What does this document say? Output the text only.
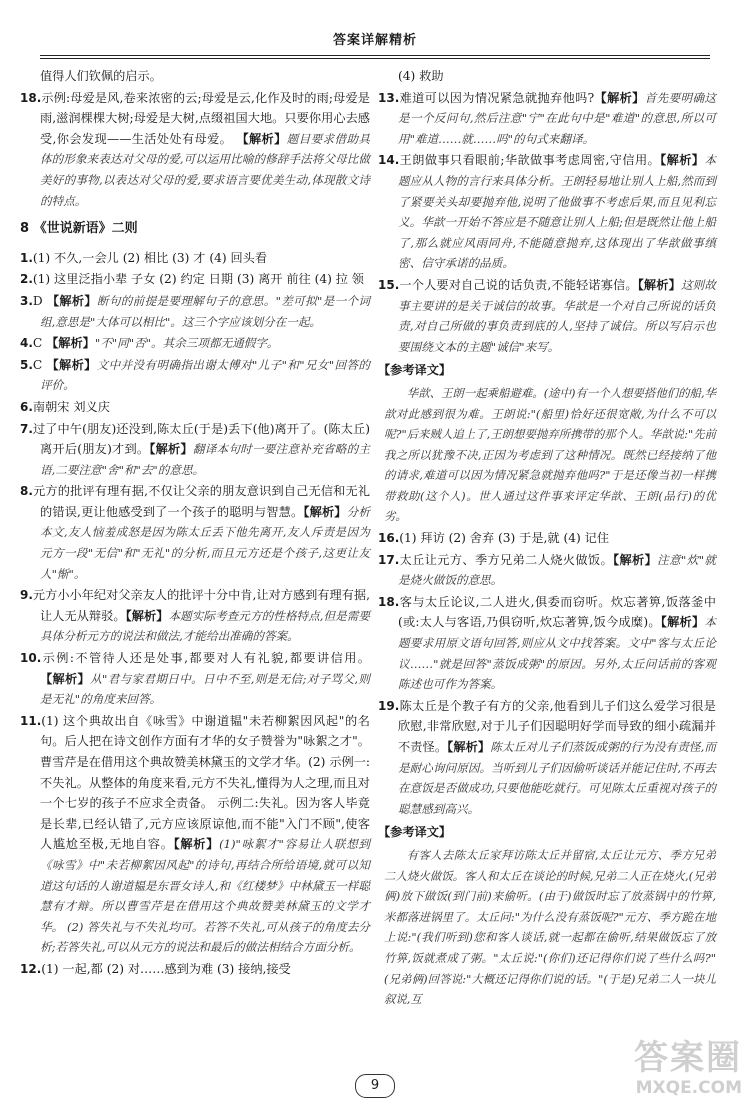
答案详解精析

值得人们钦佩的启示。

18.示例:母爱是风,卷来浓密的云;母爱是云,化作及时的雨;母爱是雨,滋润棵棵大树;母爱是大树,点缀祖国大地。只要你用心去感受,你会发现——生活处处有母爱。 【解析】题目要求借助具体的形象来表达对父母的爱,可以运用比喻的修辞手法将父母比做美好的事物,以表达对父母的爱,要求语言要优美生动,体现散文诗的特点。

8 《世说新语》二则

1.(1) 不久,一会儿 (2) 相比 (3) 才 (4) 回头看

2.(1) 这里泛指小辈 子女 (2) 约定 日期 (3) 离开 前往 (4) 拉 领

3.D 【解析】断句的前提是要理解句子的意思。"差可拟"是一个词组,意思是"大体可以相比"。这三个字应该划分在一起。

4.C 【解析】"不"同"否"。其余三项都无通假字。

5.C 【解析】文中并没有明确指出谢太傅对"儿子"和"兄女"回答的评价。

6.南朝宋 刘义庆

7.过了中午(朋友)还没到,陈太丘(于是)丢下(他)离开了。(陈太丘)离开后(朋友)才到。【解析】翻译本句时一要注意补充省略的主语,二要注意"舍"和"去"的意思。

8.元方的批评有理有据,不仅让父亲的朋友意识到自己无信和无礼的错误,更让他感受到了一个孩子的聪明与智慧。【解析】分析本文,友人恼羞成怒是因为陈太丘丢下他先离开,友人斥责是因为元方一段"无信"和"无礼"的分析,而且元方还是个孩子,这更让友人"惭"。

9.元方小小年纪对父亲友人的批评十分中肯,让对方感到有理有据,让人无从辩驳。【解析】本题实际考查元方的性格特点,但是需要具体分析元方的说法和做法,才能给出准确的答案。

10.示例:不管待人还是处事,都要对人有礼貌,都要讲信用。【解析】从"君与家君期日中。日中不至,则是无信;对子骂父,则是无礼"的角度来回答。

11.(1) 这个典故出自《咏雪》中谢道韫"未若柳絮因风起"的名句。后人把在诗文创作方面有才华的女子赞誉为"咏絮之才"。曹雪芹是在借用这个典故赞美林黛玉的文学才华。(2) 示例一:不失礼。从整体的角度来看,元方不失礼,懂得为人之理,而且对一个七岁的孩子不应求全责备。 示例二:失礼。因为客人毕竟是长辈,已经认错了,元方应该原谅他,而不能"入门不顾",使客人尴尬至极,无地自容。【解析】(1)"咏絮才"容易让人联想到《咏雪》中"未若柳絮因风起"的诗句,再结合所给语境,就可以知道这句话的人谢道韫是东晋女诗人,和《红楼梦》中林黛玉一样聪慧有才辩。所以曹雪芹是在借用这个典故赞美林黛玉的文学才华。 (2) 答失礼与不失礼均可。若答不失礼,可从孩子的角度去分析;若答失礼,可以从元方的说法和最后的做法相结合方面分析。

12.(1) 一起,都 (2) 对……感到为难 (3) 接纳,接受

(4) 救助

13.难道可以因为情况紧急就抛弃他吗?【解析】首先要明确这是一个反问句,然后注意"宁"在此句中是"难道"的意思,所以可用"难道……就……吗"的句式来翻译。

14.王朗做事只看眼前;华歆做事考虑周密,守信用。【解析】本题应从人物的言行来具体分析。王朗轻易地让别人上船,然而到了紧要关头却要抛弃他,说明了他做事不考虑后果,而且见利忘义。华歆一开始不答应是不随意让别人上船;但是既然让他上船了,那么就应风雨同舟,不能随意抛弃,这体现出了华歆做事缜密、信守承诺的品质。

15.一个人要对自己说的话负责,不能轻诺寡信。【解析】这则故事主要讲的是关于诚信的故事。华歆是一个对自己所说的话负责,对自己所做的事负责到底的人,坚持了诚信。所以写启示也要围绕文本的主题"诚信"来写。

【参考译文】

华歆、王朗一起乘船避难。(途中)有一个人想要搭他们的船,华歆对此感到很为难。王朗说:"(船里)恰好还很宽敞,为什么不可以呢?"后来贼人追上了,王朗想要抛弃所携带的那个人。华歆说:"先前我之所以犹豫不决,正因为考虑到了这种情况。既然已经接纳了他的请求,难道可以因为情况紧急就抛弃他吗?"于是还像当初一样携带救助(这个人)。世人通过这件事来评定华歆、王朗(品行)的优劣。

16.(1) 拜访 (2) 舍弃 (3) 于是,就 (4) 记住

17.太丘让元方、季方兄弟二人烧火做饭。【解析】注意"炊"就是烧火做饭的意思。

18.客与太丘论议,二人进火,俱委而窃听。炊忘著箅,饭落釜中(或:太人与客语,乃俱窃听,炊忘著箅,饭今成糜)。【解析】本题要求用原文语句回答,则应从文中找答案。文中"客与太丘论议……"就是回答"蒸饭成粥"的原因。另外,太丘问话前的客观陈述也可作为答案。

19.陈太丘是个教子有方的父亲,他看到儿子们这么爱学习很是欣慰,非常欣慰,对于儿子们因聪明好学而导致的细小疏漏并不责怪。【解析】陈太丘对儿子们蒸饭成粥的行为没有责怪,而是耐心询问原因。当听到儿子们因偷听谈话并能记住时,不再去在意饭是否做成功,只要他能吃就行。可见陈太丘重视对孩子的聪慧感到高兴。

【参考译文】

有客人去陈太丘家拜访陈太丘并留宿,太丘让元方、季方兄弟二人烧火做饭。客人和太丘在谈论的时候,兄弟二人正在烧火,(兄弟俩)放下做饭(到门前)来偷听。(由于)做饭时忘了放蒸锅中的竹箅,米都落进锅里了。太丘问:"为什么没有蒸饭呢?"元方、季方跪在地上说:"(我们听到)您和客人谈话,就一起都在偷听,结果做饭忘了放竹箅,饭就煮成了粥。"太丘说:"(你们)还记得你们说了些什么吗?"(兄弟俩)回答说:"大概还记得你们说的话。"(于是)兄弟二人一块儿叙说,互

9
答案圈
MXQE.COM
